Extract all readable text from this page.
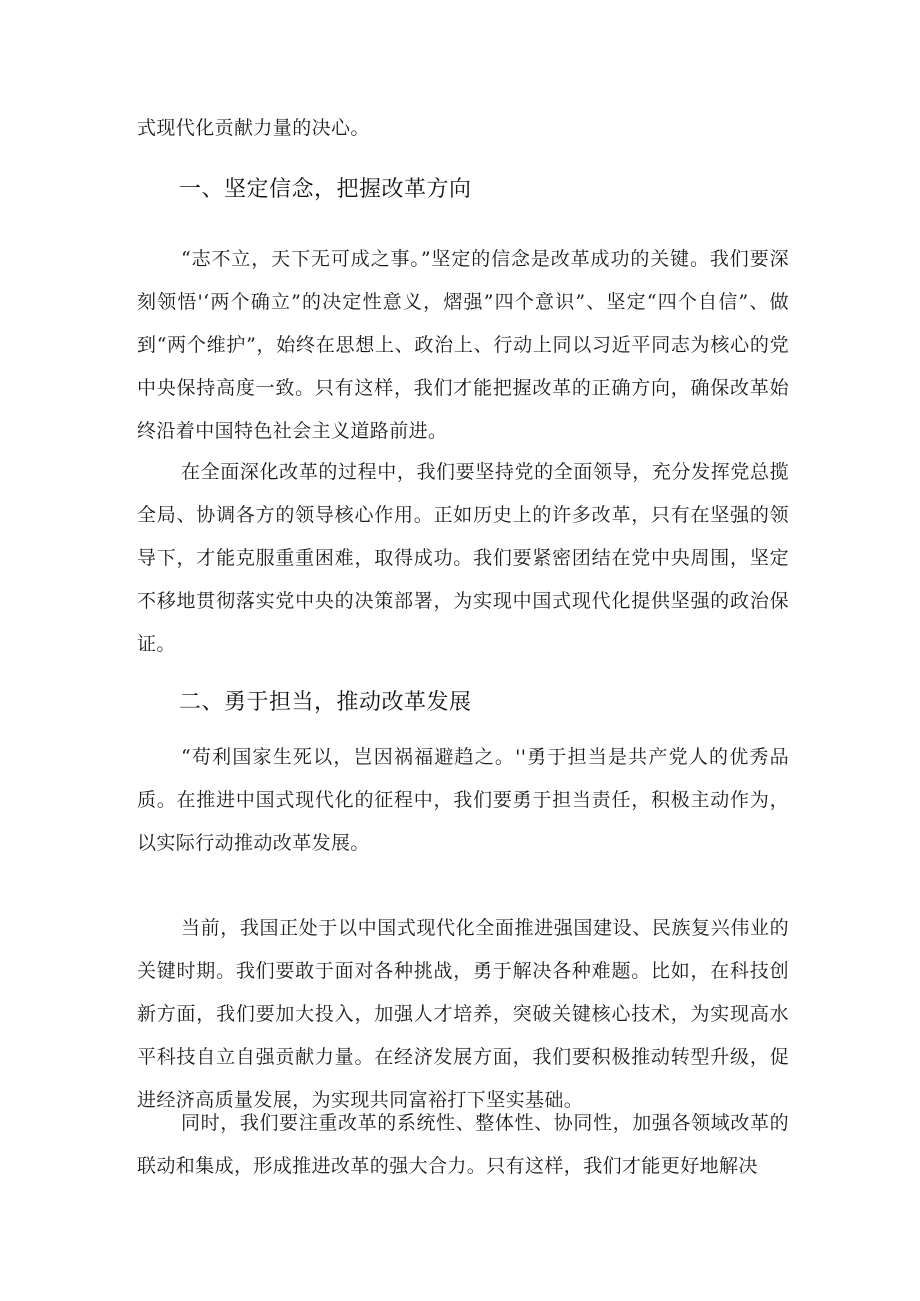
式现代化贡献力量的决心。

一、坚定信念，把握改革方向

“志不立，天下无可成之事。”坚定的信念是改革成功的关键。我们要深刻领悟'‘两个确立”的决定性意义，熠强”四个意识”、坚定“四个自信”、做到“两个维护”，始终在思想上、政治上、行动上同以习近平同志为核心的党中央保持高度一致。只有这样，我们才能把握改革的正确方向，确保改革始终沿着中国特色社会主义道路前进。

在全面深化改革的过程中，我们要坚持党的全面领导，充分发挥党总揽全局、协调各方的领导核心作用。正如历史上的许多改革，只有在坚强的领导下，才能克服重重困难，取得成功。我们要紧密团结在党中央周围，坚定不移地贯彻落实党中央的决策部署，为实现中国式现代化提供坚强的政治保证。

二、勇于担当，推动改革发展

“苟利国家生死以，岂因祸福避趋之。''勇于担当是共产党人的优秀品质。在推进中国式现代化的征程中，我们要勇于担当责任，积极主动作为，以实际行动推动改革发展。

当前，我国正处于以中国式现代化全面推进强国建设、民族复兴伟业的关键时期。我们要敢于面对各种挑战，勇于解决各种难题。比如，在科技创新方面，我们要加大投入，加强人才培养，突破关键核心技术，为实现高水平科技自立自强贡献力量。在经济发展方面，我们要积极推动转型升级，促进经济高质量发展，为实现共同富裕打下坚实基础。

同时，我们要注重改革的系统性、整体性、协同性，加强各领域改革的联动和集成，形成推进改革的强大合力。只有这样，我们才能更好地解决
